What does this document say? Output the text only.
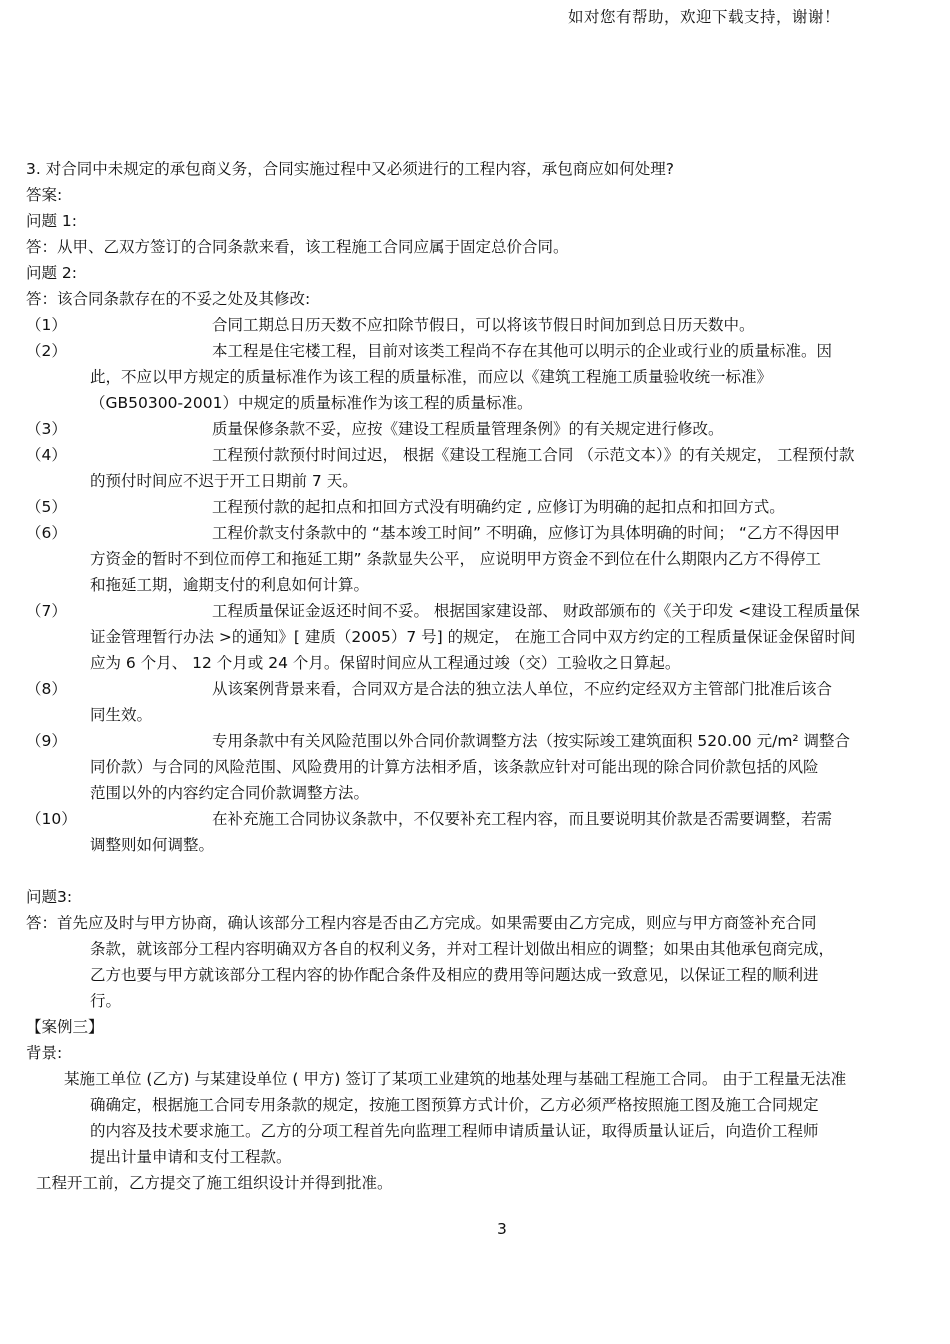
如对您有帮助，欢迎下载支持，谢谢！
3. 对合同中未规定的承包商义务，合同实施过程中又必须进行的工程内容，承包商应如何处理?
答案:
问题 1:
答：从甲、乙双方签订的合同条款来看，该工程施工合同应属于固定总价合同。
问题 2:
答：该合同条款存在的不妥之处及其修改:
（1）	合同工期总日历天数不应扣除节假日，可以将该节假日时间加到总日历天数中。
（2）	本工程是住宅楼工程，目前对该类工程尚不存在其他可以明示的企业或行业的质量标准。因
此，不应以甲方规定的质量标准作为该工程的质量标准，而应以《建筑工程施工质量验收统一标准》
（GB50300-2001）中规定的质量标准作为该工程的质量标准。
（3）	质量保修条款不妥，应按《建设工程质量管理条例》的有关规定进行修改。
（4）	工程预付款预付时间过迟， 根据《建设工程施工合同 （示范文本）》的有关规定， 工程预付款
的预付时间应不迟于开工日期前 7 天。
（5）	工程预付款的起扣点和扣回方式没有明确约定 , 应修订为明确的起扣点和扣回方式。
（6）	工程价款支付条款中的 “基本竣工时间” 不明确，应修订为具体明确的时间； “乙方不得因甲
方资金的暂时不到位而停工和拖延工期” 条款显失公平， 应说明甲方资金不到位在什么期限内乙方不得停工
和拖延工期，逾期支付的利息如何计算。
（7）	工程质量保证金返还时间不妥。 根据国家建设部、 财政部颁布的《关于印发 <建设工程质量保
证金管理暂行办法 >的通知》[ 建质（2005）7 号] 的规定， 在施工合同中双方约定的工程质量保证金保留时间
应为 6 个月、 12 个月或 24 个月。保留时间应从工程通过竣（交）工验收之日算起。
（8）	从该案例背景来看，合同双方是合法的独立法人单位，不应约定经双方主管部门批准后该合
同生效。
（9）	专用条款中有关风险范围以外合同价款调整方法（按实际竣工建筑面积 520.00 元/m² 调整合
同价款）与合同的风险范围、风险费用的计算方法相矛盾，该条款应针对可能出现的除合同价款包括的风险
范围以外的内容约定合同价款调整方法。
（10）	在补充施工合同协议条款中，不仅要补充工程内容，而且要说明其价款是否需要调整，若需
调整则如何调整。
问题3:
答：首先应及时与甲方协商，确认该部分工程内容是否由乙方完成。如果需要由乙方完成，则应与甲方商签补充合同
条款，就该部分工程内容明确双方各自的权利义务，并对工程计划做出相应的调整；如果由其他承包商完成，
乙方也要与甲方就该部分工程内容的协作配合条件及相应的费用等问题达成一致意见，以保证工程的顺利进
行。
【案例三】
背景:
某施工单位 (乙方) 与某建设单位 ( 甲方) 签订了某项工业建筑的地基处理与基础工程施工合同。 由于工程量无法准
确确定，根据施工合同专用条款的规定，按施工图预算方式计价，乙方必须严格按照施工图及施工合同规定
的内容及技术要求施工。乙方的分项工程首先向监理工程师申请质量认证，取得质量认证后，向造价工程师
提出计量申请和支付工程款。
工程开工前，乙方提交了施工组织设计并得到批准。
3
